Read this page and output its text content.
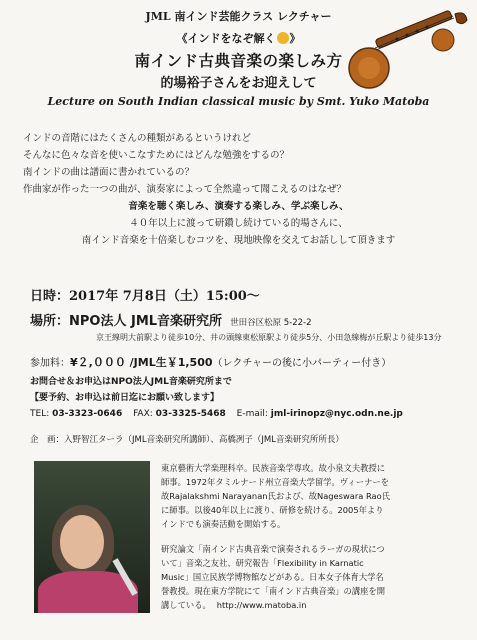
JML 南インド芸能クラス レクチャー
《インドをなぞ解く 》
南インド古典音楽の楽しみ方
的場裕子さんをお迎えして
Lecture on South Indian classical music by Smt. Yuko Matoba
インドの音階にはたくさんの種類があるというけれど
そんなに色々な音を使いこなすためにはどんな勉強をするの？
南インドの曲は譜面に書かれているの？
作曲家が作った一つの曲が、演奏家によって全然違って聞こえるのはなぜ？
音楽を聴く楽しみ、演奏する楽しみ、学ぶ楽しみ、
４０年以上に渡って研鑽し続けている的場さんに、
南インド音楽を十倍楽しむコツを、現地映像を交えてお話しして頂きます
日時：2017年 7月8日（土）15:00〜
場所：NPO法人 JML音楽研究所 世田谷区松原 5-22-2
京王線明大前駅より徒歩10分、井の頭線東松原駅より徒歩5分、小田急線梅が丘駅より徒歩13分
参加料：¥２,０００ /JML生￥1,500（レクチャーの後に小パーティー付き）
お問合せ＆お申込はNPO法人JML音楽研究所まで
【要予約、お申込は前日迄にお願い致します】
TEL: 03-3323-0646 FAX: 03-3325-5468 E-mail: jml-irinopz@nyc.odn.ne.jp
企　画：入野智江ターラ（JML音楽研究所講師）、高橋冽子（JML音楽研究所所長）
東京藝術大学楽理科卒。民族音楽学専攻。故小泉文夫教授に
師事。1972年タミルナード州立音楽大学留学。ヴィーナーを
故Rajalakshmi Narayanan氏および、故Nageswara Rao氏
に師事。以後40年以上に渡り、研修を続ける。2005年より
インドでも演奏活動を開始する。
研究論文「南インド古典音楽で演奏されるラーガの現状につ
いて」音楽之友社、研究報告「Flexibility in Karnatic
Music」国立民族学博物館などがある。日本女子体育大学名
誉教授。現在東方学院にて「南インド古典音楽」の講座を開
講している。 http://www.matoba.in
